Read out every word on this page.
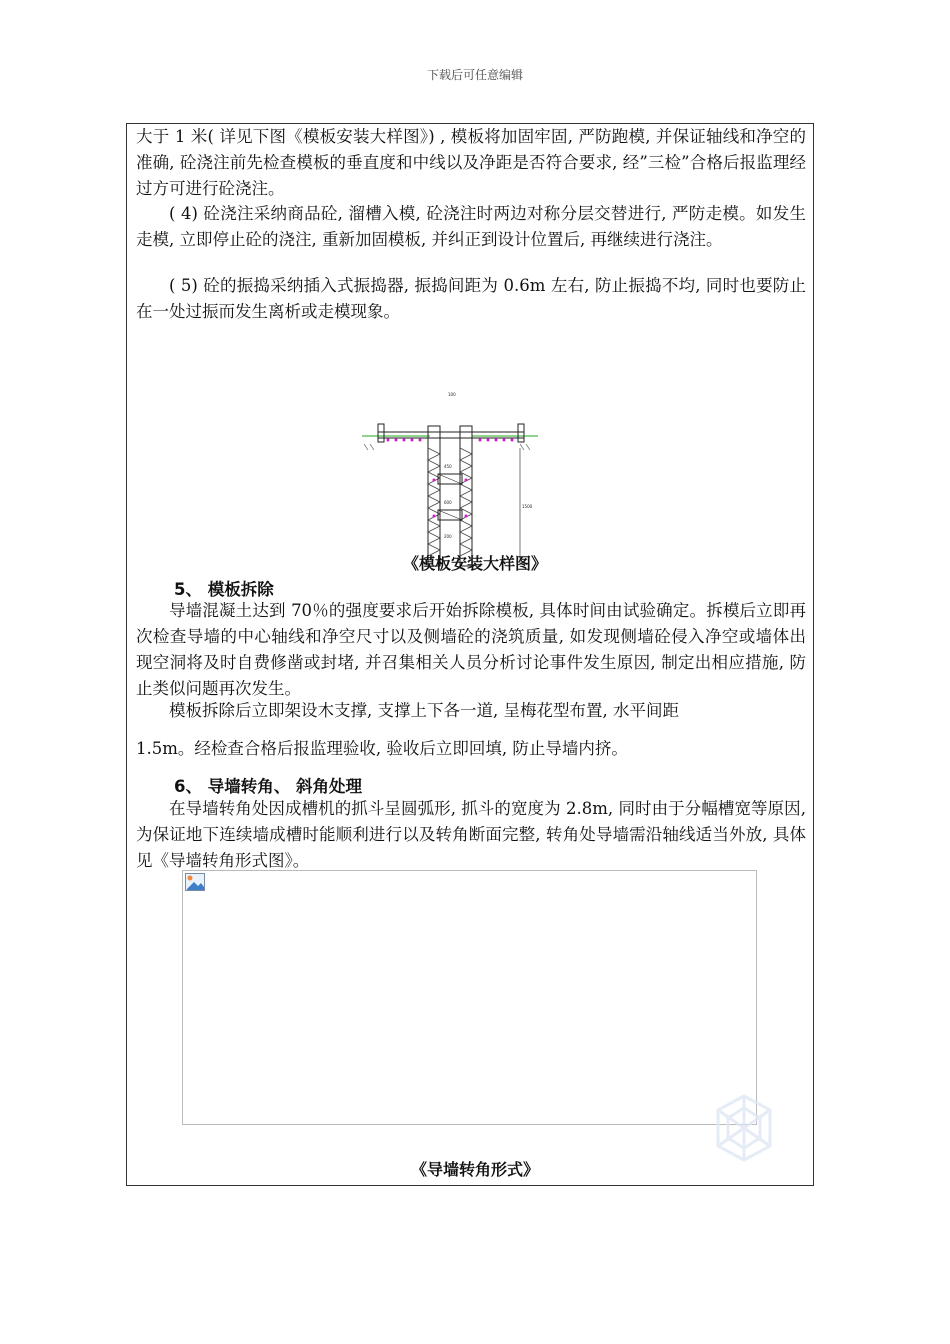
下载后可任意编辑

大于 1 米( 详见下图《模板安装大样图》) , 模板将加固牢固, 严防跑模, 并保证轴线和净空的准确, 砼浇注前先检查模板的垂直度和中线以及净距是否符合要求, 经”三检”合格后报监理经过方可进行砼浇注。

( 4) 砼浇注采纳商品砼, 溜槽入模, 砼浇注时两边对称分层交替进行, 严防走模。如发生走模, 立即停止砼的浇注, 重新加固模板, 并纠正到设计位置后, 再继续进行浇注。

( 5) 砼的振捣采纳插入式振捣器, 振捣间距为 0.6m 左右, 防止振捣不均, 同时也要防止在一处过振而发生离析或走模现象。

100
450
600
1500
200
《模板安装大样图》
5、 模板拆除

导墙混凝土达到 70％的强度要求后开始拆除模板, 具体时间由试验确定。拆模后立即再次检查导墙的中心轴线和净空尺寸以及侧墙砼的浇筑质量, 如发现侧墙砼侵入净空或墙体出现空洞将及时自费修凿或封堵, 并召集相关人员分析讨论事件发生原因, 制定出相应措施, 防止类似问题再次发生。

模板拆除后立即架设木支撑, 支撑上下各一道, 呈梅花型布置, 水平间距

1.5m。经检查合格后报监理验收, 验收后立即回填, 防止导墙内挤。

6、 导墙转角、 斜角处理

在导墙转角处因成槽机的抓斗呈圆弧形, 抓斗的宽度为 2.8m, 同时由于分幅槽宽等原因, 为保证地下连续墙成槽时能顺利进行以及转角断面完整, 转角处导墙需沿轴线适当外放, 具体见《导墙转角形式图》。

《导墙转角形式》
